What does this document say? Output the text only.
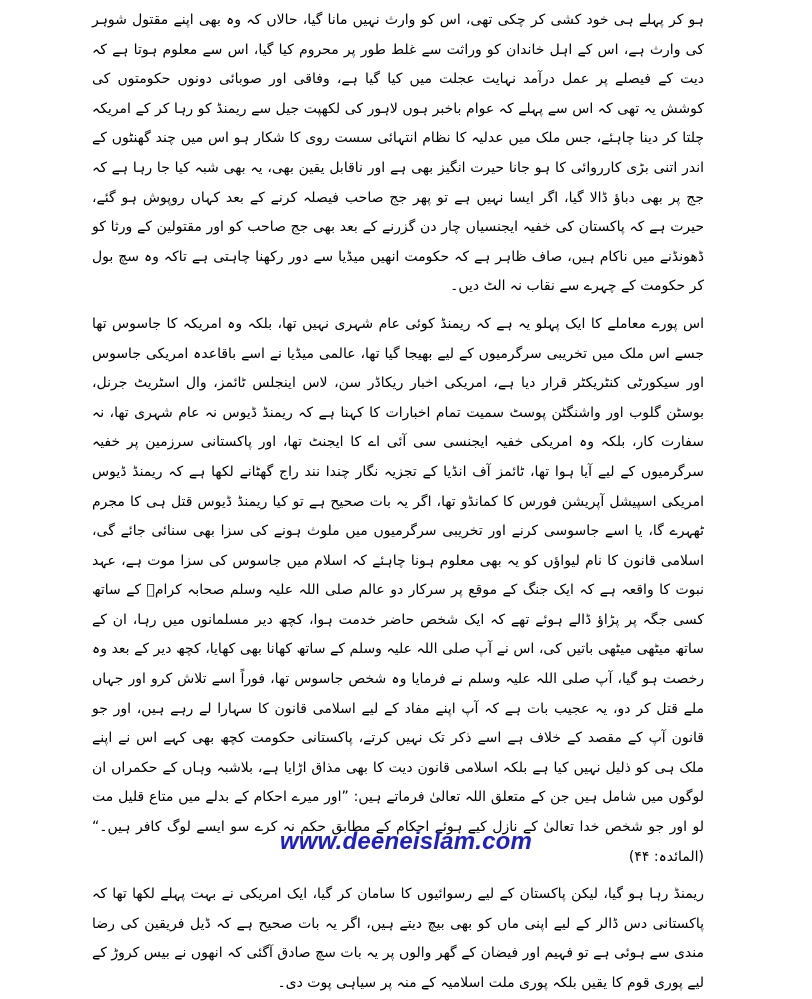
ہو کر پہلے ہی خود کشی کر چکی تھی، اس کو وارث نہیں مانا گیا، حالاں کہ وہ بھی اپنے مقتول شوہر کی وارث ہے، اس کے اہل خاندان کو وراثت سے غلط طور پر محروم کیا گیا، اس سے معلوم ہوتا ہے کہ دیت کے فیصلے پر عمل درآمد نہایت عجلت میں کیا گیا ہے، وفاقی اور صوبائی دونوں حکومتوں کی کوشش یہ تھی کہ اس سے پہلے کہ عوام باخبر ہوں لاہور کی لکھپت جیل سے ریمنڈ کو رہا کر کے امریکہ چلتا کر دینا چاہئے، جس ملک میں عدلیہ کا نظام انتہائی سست روی کا شکار ہو اس میں چند گھنٹوں کے اندر اتنی بڑی کارروائی کا ہو جانا حیرت انگیز بھی ہے اور ناقابل یقین بھی، یہ بھی شبہ کیا جا رہا ہے کہ جج پر بھی دباؤ ڈالا گیا، اگر ایسا نہیں ہے تو پھر جج صاحب فیصلہ کرنے کے بعد کہاں روپوش ہو گئے، حیرت ہے کہ پاکستان کی خفیہ ایجنسیاں چار دن گزرنے کے بعد بھی جج صاحب کو اور مقتولین کے ورثا کو ڈھونڈنے میں ناکام ہیں، صاف ظاہر ہے کہ حکومت انھیں میڈیا سے دور رکھنا چاہتی ہے تاکہ وہ سچ بول کر حکومت کے چہرے سے نقاب نہ الٹ دیں۔

اس پورے معاملے کا ایک پہلو یہ ہے کہ ریمنڈ کوئی عام شہری نہیں تھا، بلکہ وہ امریکہ کا جاسوس تھا جسے اس ملک میں تخریبی سرگرمیوں کے لیے بھیجا گیا تھا، عالمی میڈیا نے اسے باقاعدہ امریکی جاسوس اور سیکورٹی کنٹریکٹر قرار دیا ہے، امریکی اخبار ریکاڈر سن، لاس اینجلس ٹائمز، وال اسٹریٹ جرنل، بوسٹن گلوب اور واشنگٹن پوسٹ سمیت تمام اخبارات کا کہنا ہے کہ ریمنڈ ڈیوس نہ عام شہری تھا، نہ سفارت کار، بلکہ وہ امریکی خفیہ ایجنسی سی آئی اے کا ایجنٹ تھا، اور پاکستانی سرزمین پر خفیہ سرگرمیوں کے لیے آیا ہوا تھا، ٹائمز آف انڈیا کے تجزیہ نگار چندا نند راج گھٹانے لکھا ہے کہ ریمنڈ ڈیوس امریکی اسپیشل آپریشن فورس کا کمانڈو تھا، اگر یہ بات صحیح ہے تو کیا ریمنڈ ڈیوس قتل ہی کا مجرم ٹھہرے گا، یا اسے جاسوسی کرنے اور تخریبی سرگرمیوں میں ملوث ہونے کی سزا بھی سنائی جائے گی، اسلامی قانون کا نام لیواؤں کو یہ بھی معلوم ہونا چاہئے کہ اسلام میں جاسوس کی سزا موت ہے، عہد نبوت کا واقعہ ہے کہ ایک جنگ کے موقع پر سرکار دو عالم صلی اللہ علیہ وسلم صحابہ کرامؓ کے ساتھ کسی جگہ پر پڑاؤ ڈالے ہوئے تھے کہ ایک شخص حاضر خدمت ہوا، کچھ دیر مسلمانوں میں رہا، ان کے ساتھ میٹھی میٹھی باتیں کی، اس نے آپ صلی اللہ علیہ وسلم کے ساتھ کھانا بھی کھایا، کچھ دیر کے بعد وہ رخصت ہو گیا، آپ صلی اللہ علیہ وسلم نے فرمایا وہ شخص جاسوس تھا، فوراً اسے تلاش کرو اور جہاں ملے قتل کر دو، یہ عجیب بات ہے کہ آپ اپنے مفاد کے لیے اسلامی قانون کا سہارا لے رہے ہیں، اور جو قانون آپ کے مقصد کے خلاف ہے اسے ذکر تک نہیں کرتے، پاکستانی حکومت کچھ بھی کہے اس نے اپنے ملک ہی کو ذلیل نہیں کیا ہے بلکہ اسلامی قانون دیت کا بھی مذاق اڑایا ہے، بلاشبہ وہاں کے حکمراں ان لوگوں میں شامل ہیں جن کے متعلق اللہ تعالیٰ فرماتے ہیں: ”اور میرے احکام کے بدلے میں متاع قلیل مت لو اور جو شخص خدا تعالیٰ کے نازل کیے ہوئے احکام کے مطابق حکم نہ کرے سو ایسے لوگ کافر ہیں۔“ (المائدہ: ۴۴)

ریمنڈ رہا ہو گیا، لیکن پاکستان کے لیے رسوائیوں کا سامان کر گیا، ایک امریکی نے بہت پہلے لکھا تھا کہ پاکستانی دس ڈالر کے لیے اپنی ماں کو بھی بیچ دیتے ہیں، اگر یہ بات صحیح ہے کہ ڈیل فریقین کی رضا مندی سے ہوئی ہے تو فہیم اور فیضان کے گھر والوں پر یہ بات سچ صادق آگئی کہ انھوں نے بیس کروڑ کے لیے پوری قوم کا یقیں بلکہ پوری ملت اسلامیہ کے منہ پر سیاہی پوت دی۔

www.deeneislam.com
